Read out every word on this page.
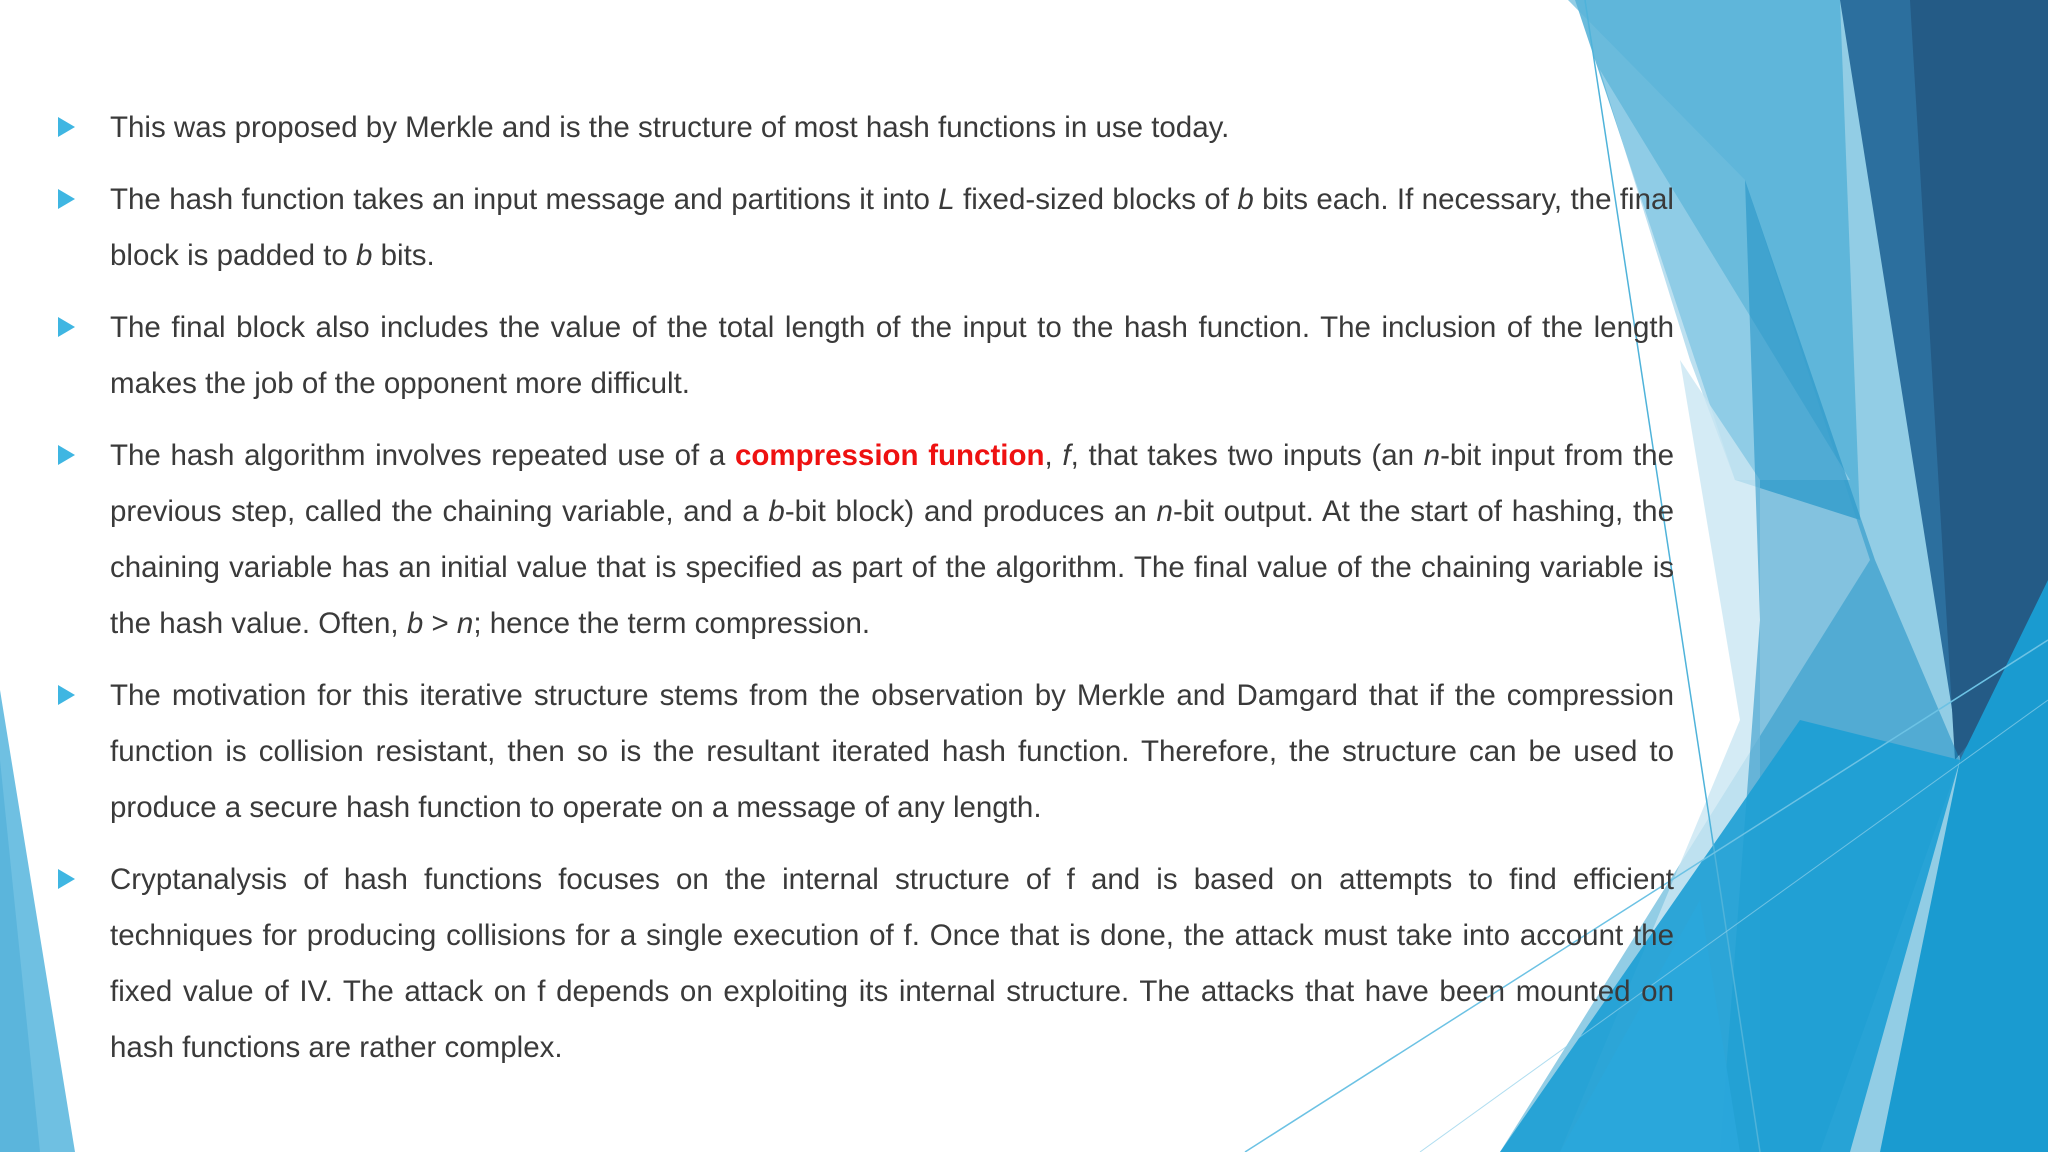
This was proposed by Merkle and is the structure of most hash functions in use today.

The hash function takes an input message and partitions it into L fixed-sized blocks of b bits each. If necessary, the final block is padded to b bits.

The final block also includes the value of the total length of the input to the hash function. The inclusion of the length makes the job of the opponent more difficult.

The hash algorithm involves repeated use of a compression function, f, that takes two inputs (an n-bit input from the previous step, called the chaining variable, and a b-bit block) and produces an n-bit output. At the start of hashing, the chaining variable has an initial value that is specified as part of the algorithm. The final value of the chaining variable is the hash value. Often, b > n; hence the term compression.

The motivation for this iterative structure stems from the observation by Merkle and Damgard that if the compression function is collision resistant, then so is the resultant iterated hash function. Therefore, the structure can be used to produce a secure hash function to operate on a message of any length.

Cryptanalysis of hash functions focuses on the internal structure of f and is based on attempts to find efficient techniques for producing collisions for a single execution of f. Once that is done, the attack must take into account the fixed value of IV. The attack on f depends on exploiting its internal structure. The attacks that have been mounted on hash functions are rather complex.
